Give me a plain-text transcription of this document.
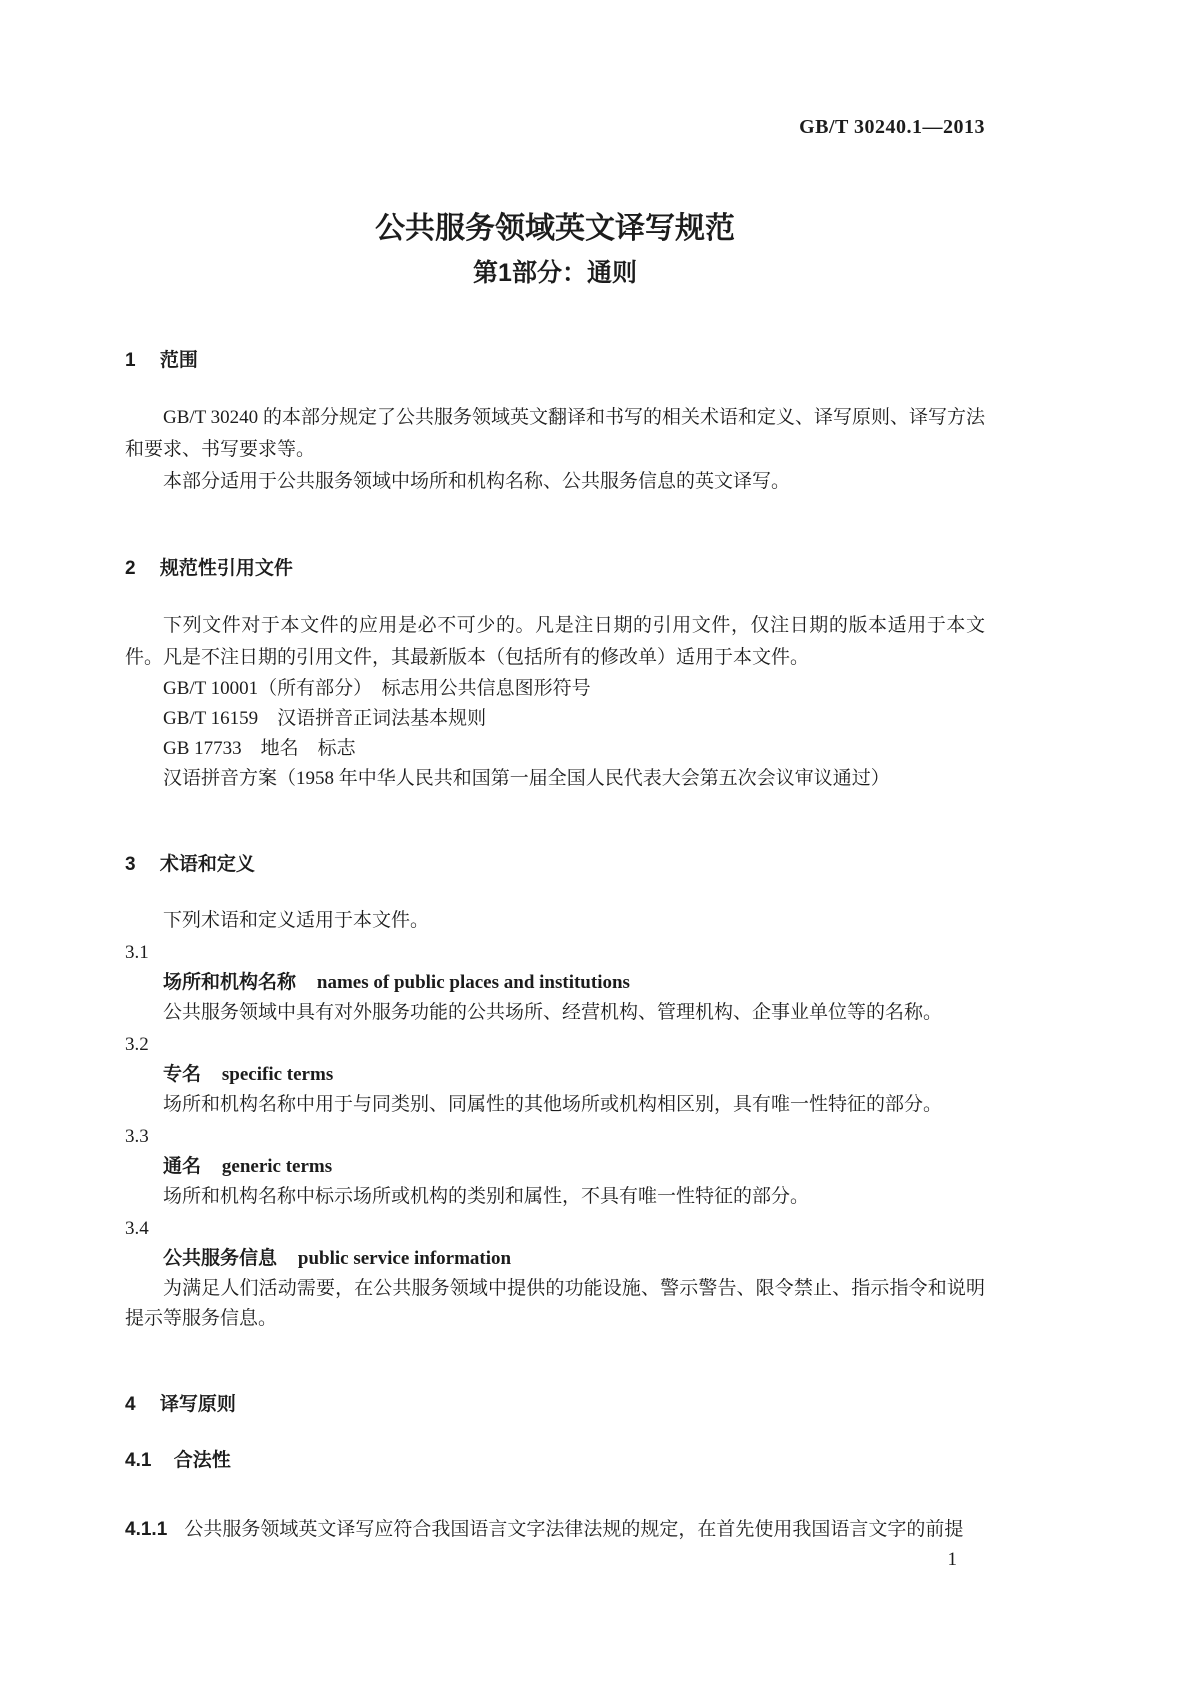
GB/T 30240.1—2013
公共服务领域英文译写规范
第1部分：通则
1 范围

GB/T 30240 的本部分规定了公共服务领域英文翻译和书写的相关术语和定义、译写原则、译写方法和要求、书写要求等。

本部分适用于公共服务领域中场所和机构名称、公共服务信息的英文译写。

2 规范性引用文件

下列文件对于本文件的应用是必不可少的。凡是注日期的引用文件，仅注日期的版本适用于本文件。凡是不注日期的引用文件，其最新版本（包括所有的修改单）适用于本文件。

GB/T 10001（所有部分）　标志用公共信息图形符号

GB/T 16159　汉语拼音正词法基本规则

GB 17733　地名　标志

汉语拼音方案（1958 年中华人民共和国第一届全国人民代表大会第五次会议审议通过）

3 术语和定义

下列术语和定义适用于本文件。

3.1

场所和机构名称 names of public places and institutions

公共服务领域中具有对外服务功能的公共场所、经营机构、管理机构、企事业单位等的名称。

3.2

专名 specific terms

场所和机构名称中用于与同类别、同属性的其他场所或机构相区别，具有唯一性特征的部分。

3.3

通名 generic terms

场所和机构名称中标示场所或机构的类别和属性，不具有唯一性特征的部分。

3.4

公共服务信息 public service information

为满足人们活动需要，在公共服务领域中提供的功能设施、警示警告、限令禁止、指示指令和说明提示等服务信息。

4 译写原则
4.1 合法性

4.1.1 公共服务领域英文译写应符合我国语言文字法律法规的规定，在首先使用我国语言文字的前提

1
